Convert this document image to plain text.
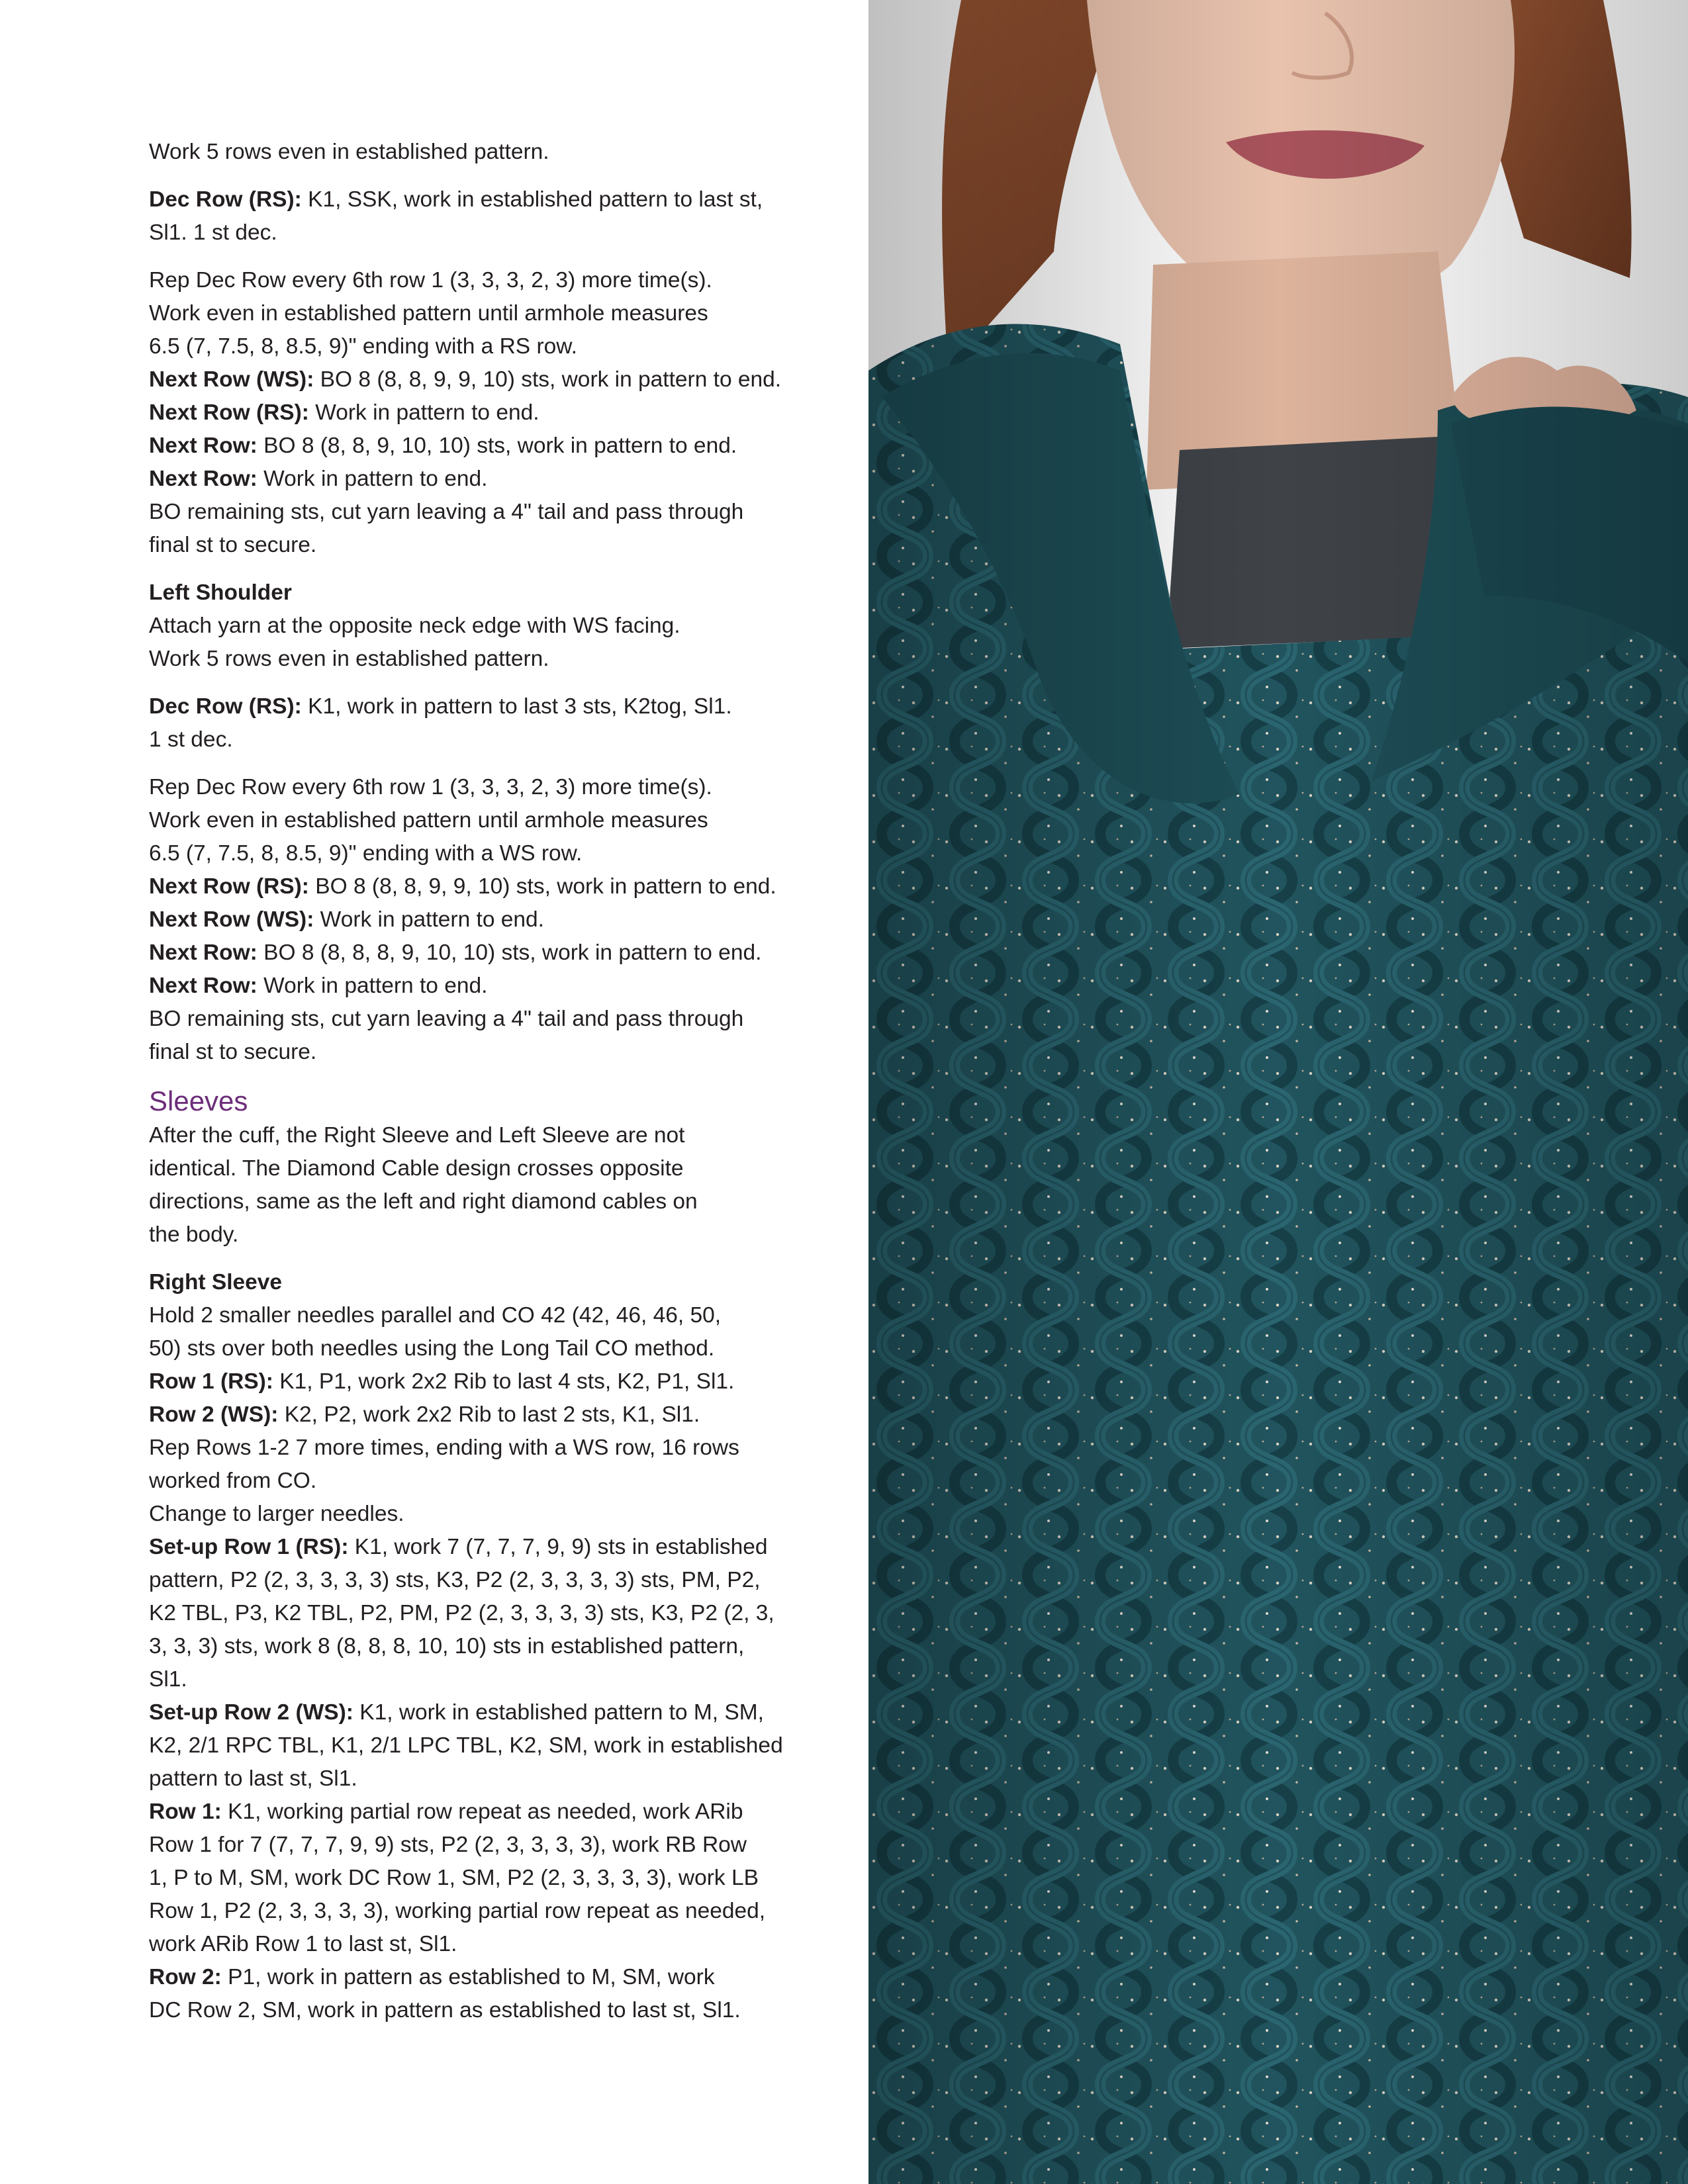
Work 5 rows even in established pattern.
Dec Row (RS): K1, SSK, work in established pattern to last st,
Sl1. 1 st dec.
Rep Dec Row every 6th row 1 (3, 3, 3, 2, 3) more time(s).
Work even in established pattern until armhole measures
6.5 (7, 7.5, 8, 8.5, 9)" ending with a RS row.
Next Row (WS): BO 8 (8, 8, 9, 9, 10) sts, work in pattern to end.
Next Row (RS): Work in pattern to end.
Next Row: BO 8 (8, 8, 9, 10, 10) sts, work in pattern to end.
Next Row: Work in pattern to end.
BO remaining sts, cut yarn leaving a 4" tail and pass through
final st to secure.
Left Shoulder
Attach yarn at the opposite neck edge with WS facing.
Work 5 rows even in established pattern.
Dec Row (RS): K1, work in pattern to last 3 sts, K2tog, Sl1.
1 st dec.
Rep Dec Row every 6th row 1 (3, 3, 3, 2, 3) more time(s).
Work even in established pattern until armhole measures
6.5 (7, 7.5, 8, 8.5, 9)" ending with a WS row.
Next Row (RS): BO 8 (8, 8, 9, 9, 10) sts, work in pattern to end.
Next Row (WS): Work in pattern to end.
Next Row: BO 8 (8, 8, 8, 9, 10, 10) sts, work in pattern to end.
Next Row: Work in pattern to end.
BO remaining sts, cut yarn leaving a 4" tail and pass through
final st to secure.
Sleeves
After the cuff, the Right Sleeve and Left Sleeve are not
identical. The Diamond Cable design crosses opposite
directions, same as the left and right diamond cables on
the body.
Right Sleeve
Hold 2 smaller needles parallel and CO 42 (42, 46, 46, 50,
50) sts over both needles using the Long Tail CO method.
Row 1 (RS): K1, P1, work 2x2 Rib to last 4 sts, K2, P1, Sl1.
Row 2 (WS): K2, P2, work 2x2 Rib to last 2 sts, K1, Sl1.
Rep Rows 1-2 7 more times, ending with a WS row, 16 rows
worked from CO.
Change to larger needles.
Set-up Row 1 (RS): K1, work 7 (7, 7, 7, 9, 9) sts in established
pattern, P2 (2, 3, 3, 3, 3) sts, K3, P2 (2, 3, 3, 3, 3) sts, PM, P2,
K2 TBL, P3, K2 TBL, P2, PM, P2 (2, 3, 3, 3, 3) sts, K3, P2 (2, 3,
3, 3, 3) sts, work 8 (8, 8, 8, 10, 10) sts in established pattern,
Sl1.
Set-up Row 2 (WS): K1, work in established pattern to M, SM,
K2, 2/1 RPC TBL, K1, 2/1 LPC TBL, K2, SM, work in established
pattern to last st, Sl1.
Row 1: K1, working partial row repeat as needed, work ARib
Row 1 for 7 (7, 7, 7, 9, 9) sts, P2 (2, 3, 3, 3, 3), work RB Row
1, P to M, SM, work DC Row 1, SM, P2 (2, 3, 3, 3, 3), work LB
Row 1, P2 (2, 3, 3, 3, 3), working partial row repeat as needed,
work ARib Row 1 to last st, Sl1.
Row 2: P1, work in pattern as established to M, SM, work
DC Row 2, SM, work in pattern as established to last st, Sl1.
